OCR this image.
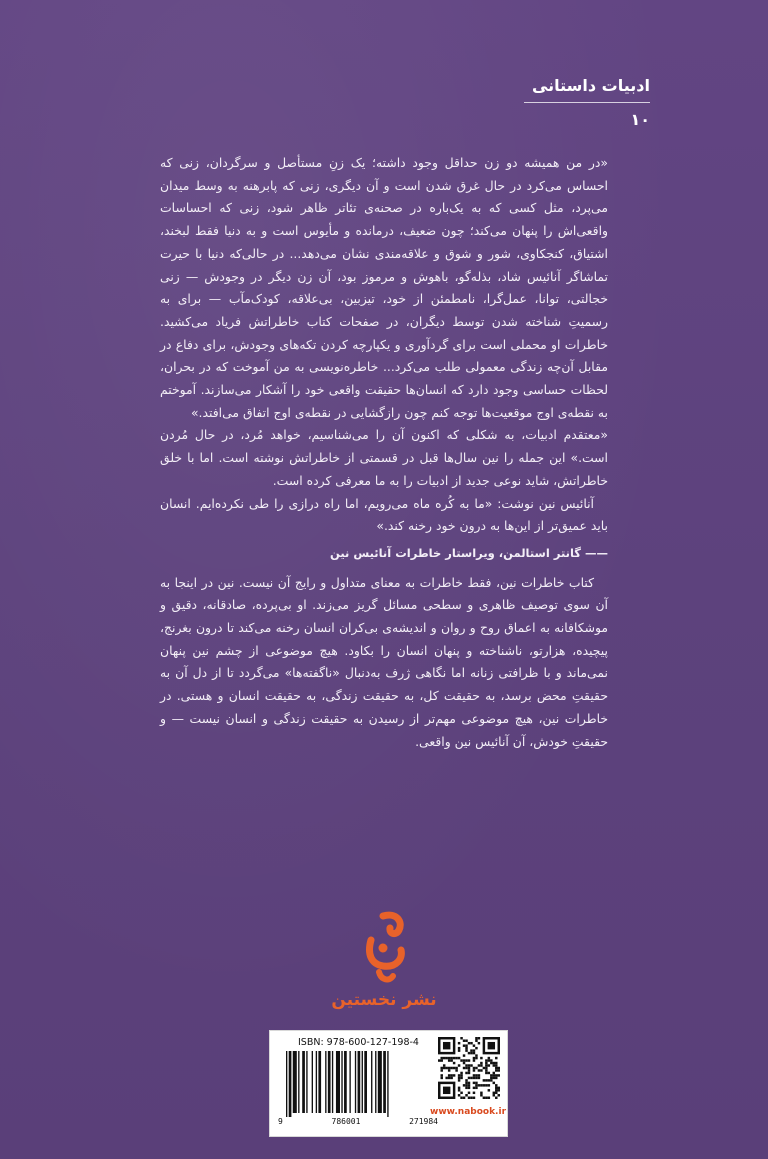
ادبیات داستانی
۱۰

«در من همیشه دو زن حداقل وجود داشته؛ یک زنِ مستأصل و سرگردان، زنی که احساس می‌کرد در حال غرق شدن است و آن دیگری، زنی که پابرهنه به وسط میدان می‌پرد، مثل کسی که به یک‌باره در صحنه‌ی تئاتر ظاهر شود، زنی که احساسات واقعی‌اش را پنهان می‌کند؛ چون ضعیف، درمانده و مأیوس است و به دنیا فقط لبخند، اشتیاق، کنجکاوی، شور و شوق و علاقه‌مندی نشان می‌دهد... در حالی‌که دنیا با حیرت تماشاگر آنائیس شاد، بذله‌گو، باهوش و مرموز بود، آن زن دیگر در وجودش — زنی خجالتی، توانا، عمل‌گرا، نامطمئن از خود، تیزبین، بی‌علاقه، کودک‌مآب — برای به رسمیتِ شناخته شدن توسط دیگران، در صفحات کتاب خاطراتش فریاد می‌کشید. خاطرات او محملی است برای گردآوری و یکپارچه کردن تکه‌های وجودش، برای دفاع در مقابل آن‌چه زندگی معمولی طلب می‌کرد... خاطره‌نویسی به من آموخت که در بحران، لحظات حساسی وجود دارد که انسان‌ها حقیقت واقعی خود را آشکار می‌سازند. آموختم به نقطه‌ی اوج موقعیت‌ها توجه کنم چون رازگشایی در نقطه‌ی اوج اتفاق می‌افتد.»

«معتقدم ادبیات، به شکلی که اکنون آن را می‌شناسیم، خواهد مُرد، در حال مُردن است.» این جمله را نین سال‌ها قبل در قسمتی از خاطراتش نوشته است. اما با خلق خاطراتش، شاید نوعی جدید از ادبیات را به ما معرفی کرده است.

آنائیس نین نوشت: «ما به کُره ماه می‌رویم، اما راه درازی را طی نکرده‌ایم. انسان باید عمیق‌تر از این‌ها به درون خود رخنه کند.»

—— گانتر استالمن، ویراستار خاطرات آنائیس نین

کتاب خاطرات نین، فقط خاطرات به معنای متداول و رایج آن نیست. نین در اینجا به آن سوی توصیف ظاهری و سطحی مسائل گریز می‌زند. او بی‌پرده، صادقانه، دقیق و موشکافانه به اعماق روح و روان و اندیشه‌ی بی‌کران انسان رخنه می‌کند تا درون بغرنج، پیچیده، هزارتو، ناشناخته و پنهان انسان را بکاود. هیچ موضوعی از چشم نین پنهان نمی‌ماند و با ظرافتی زنانه اما نگاهی ژرف به‌دنبال «ناگفته‌ها» می‌گردد تا از دل آن به حقیقتِ محض برسد، به حقیقت کل، به حقیقت زندگی، به حقیقت انسان و هستی. در خاطرات نین، هیچ موضوعی مهم‌تر از رسیدن به حقیقت زندگی و انسان نیست — و حقیقتِ خودش، آن آنائیس نین واقعی.

نشر نخستین
ISBN: 978-600-127-198-4
9	786001	271984
www.nabook.ir
